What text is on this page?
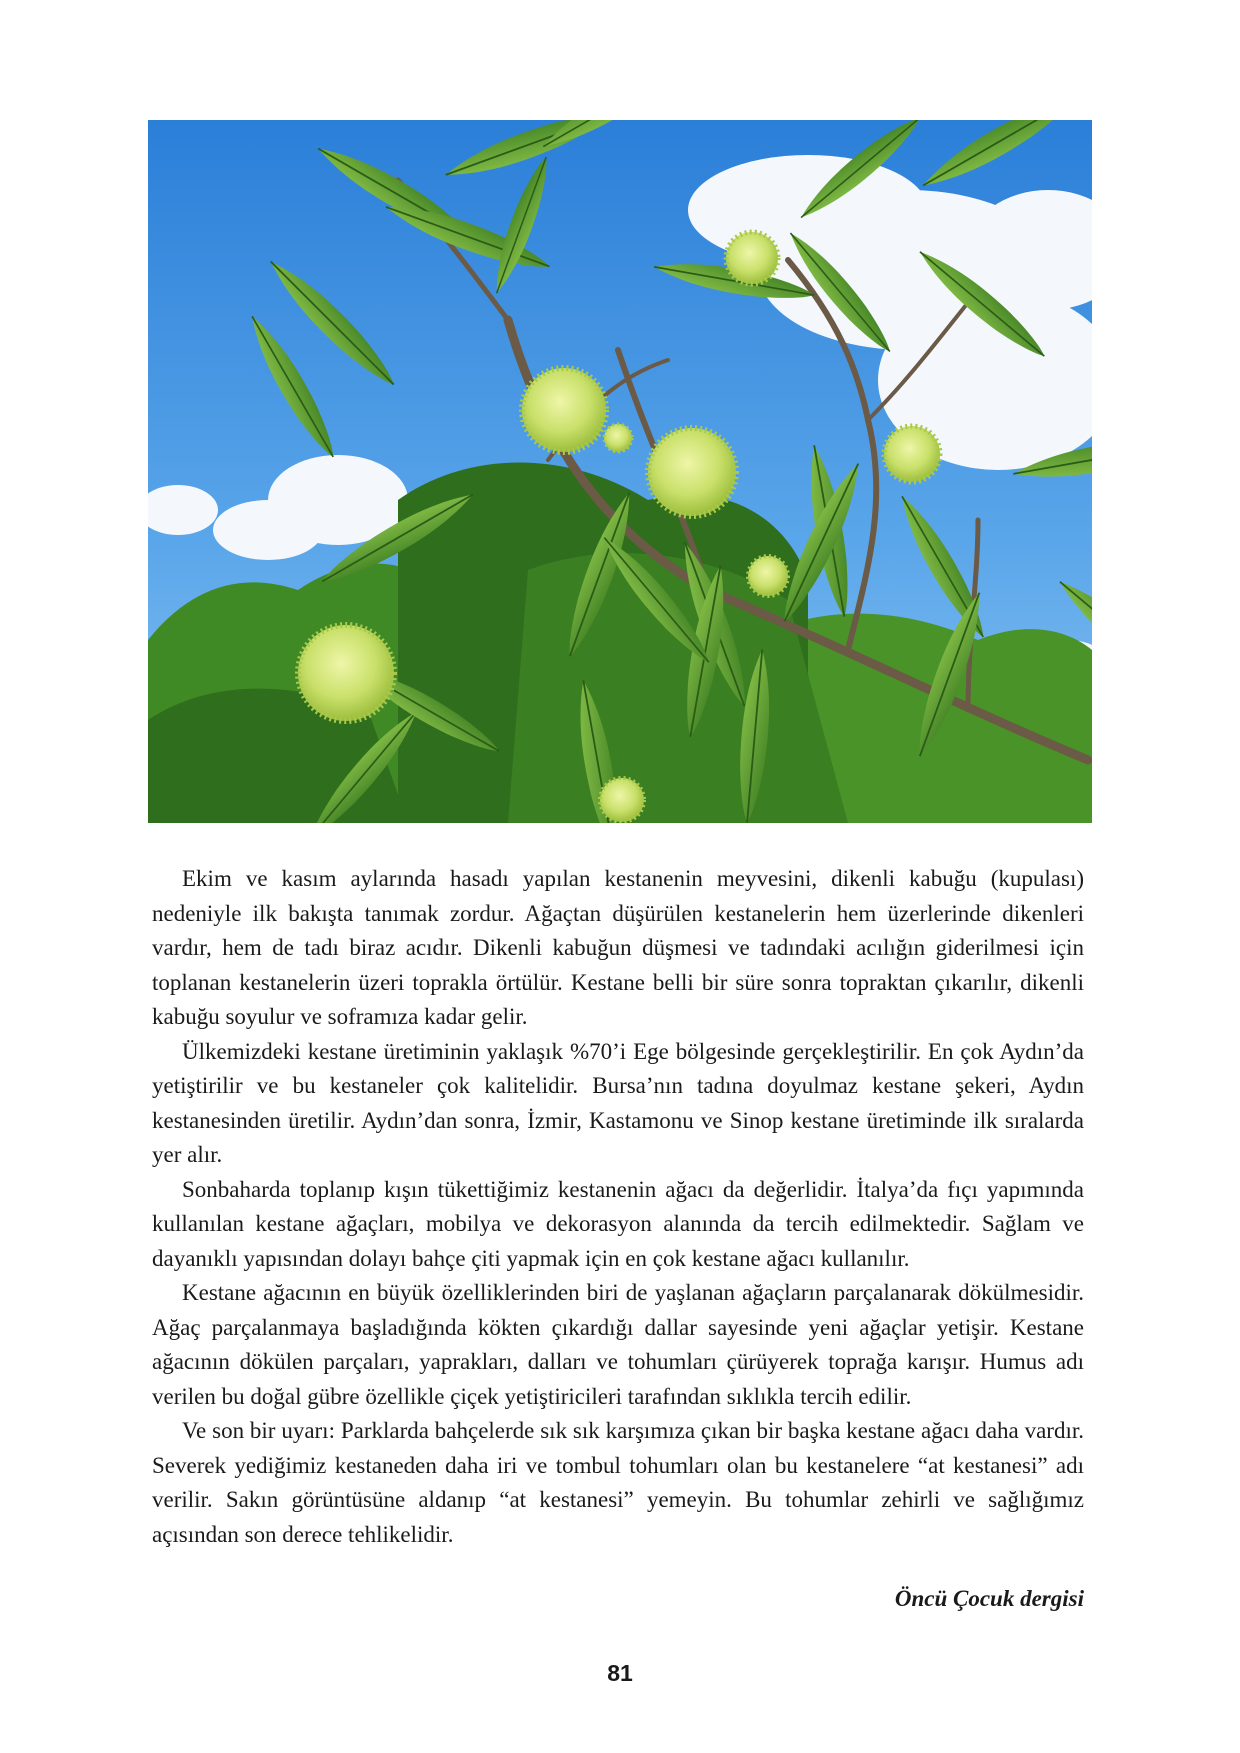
Ekim ve kasım aylarında hasadı yapılan kestanenin meyvesini, dikenli kabuğu (kupulası) nedeniyle ilk bakışta tanımak zordur. Ağaçtan düşürülen kestanelerin hem üzerlerinde dikenleri vardır, hem de tadı biraz acıdır. Dikenli kabuğun düşmesi ve tadındaki acılığın giderilmesi için toplanan kestanelerin üzeri toprakla örtülür. Kestane belli bir süre sonra topraktan çıkarılır, dikenli kabuğu soyulur ve soframıza kadar gelir.

Ülkemizdeki kestane üretiminin yaklaşık %70’i Ege bölgesinde gerçekleştirilir. En çok Aydın’da yetiştirilir ve bu kestaneler çok kalitelidir. Bursa’nın tadına doyulmaz kestane şekeri, Aydın kestanesinden üretilir. Aydın’dan sonra, İzmir, Kastamonu ve Sinop kestane üretiminde ilk sıralarda yer alır.

Sonbaharda toplanıp kışın tükettiğimiz kestanenin ağacı da değerlidir. İtalya’da fıçı yapımında kullanılan kestane ağaçları, mobilya ve dekorasyon alanında da tercih edilmektedir. Sağlam ve dayanıklı yapısından dolayı bahçe çiti yapmak için en çok kestane ağacı kullanılır.

Kestane ağacının en büyük özelliklerinden biri de yaşlanan ağaçların parçalanarak dökülmesidir. Ağaç parçalanmaya başladığında kökten çıkardığı dallar sayesinde yeni ağaçlar yetişir. Kestane ağacının dökülen parçaları, yaprakları, dalları ve tohumları çürüyerek toprağa karışır. Humus adı verilen bu doğal gübre özellikle çiçek yetiştiricileri tarafından sıklıkla tercih edilir.

Ve son bir uyarı: Parklarda bahçelerde sık sık karşımıza çıkan bir başka kestane ağacı daha vardır. Severek yediğimiz kestaneden daha iri ve tombul tohumları olan bu kestanelere “at kestanesi” adı verilir. Sakın görüntüsüne aldanıp “at kestanesi” yemeyin. Bu tohumlar zehirli ve sağlığımız açısından son derece tehlikelidir.

Öncü Çocuk dergisi
81
